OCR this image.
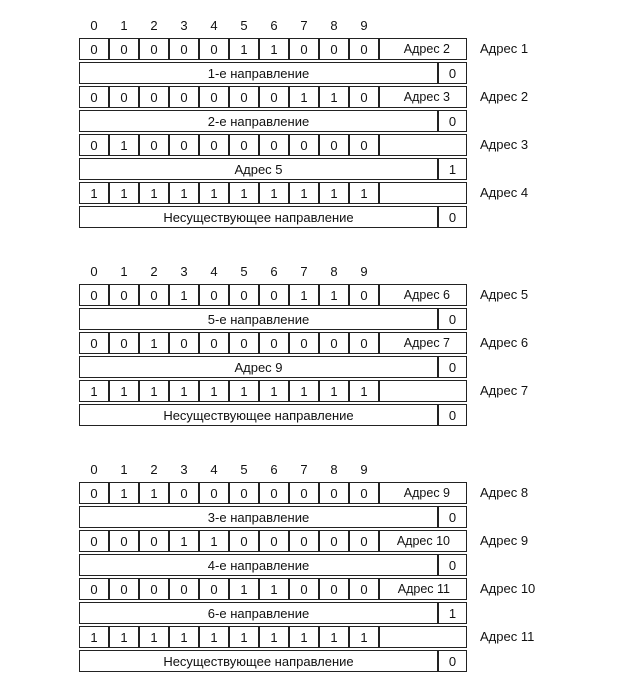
0	1	2	3	4	5	6	7	8	9
0	0	0	0	0	1	1	0	0	0	Адрес 2
1-е направление	0
Адрес 1
0	0	0	0	0	0	0	1	1	0	Адрес 3
2-е направление	0
Адрес 2
0	1	0	0	0	0	0	0	0	0
Адрес 5	1
Адрес 3
1	1	1	1	1	1	1	1	1	1
Несуществующее направление	0
Адрес 4
0	1	2	3	4	5	6	7	8	9
0	0	0	1	0	0	0	1	1	0	Адрес 6
5-е направление	0
Адрес 5
0	0	1	0	0	0	0	0	0	0	Адрес 7
Адрес 9	0
Адрес 6
1	1	1	1	1	1	1	1	1	1
Несуществующее направление	0
Адрес 7
0	1	2	3	4	5	6	7	8	9
0	1	1	0	0	0	0	0	0	0	Адрес 9
3-е направление	0
Адрес 8
0	0	0	1	1	0	0	0	0	0	Адрес 10
4-е направление	0
Адрес 9
0	0	0	0	0	1	1	0	0	0	Адрес 11
6-е направление	1
Адрес 10
1	1	1	1	1	1	1	1	1	1
Несуществующее направление	0
Адрес 11
